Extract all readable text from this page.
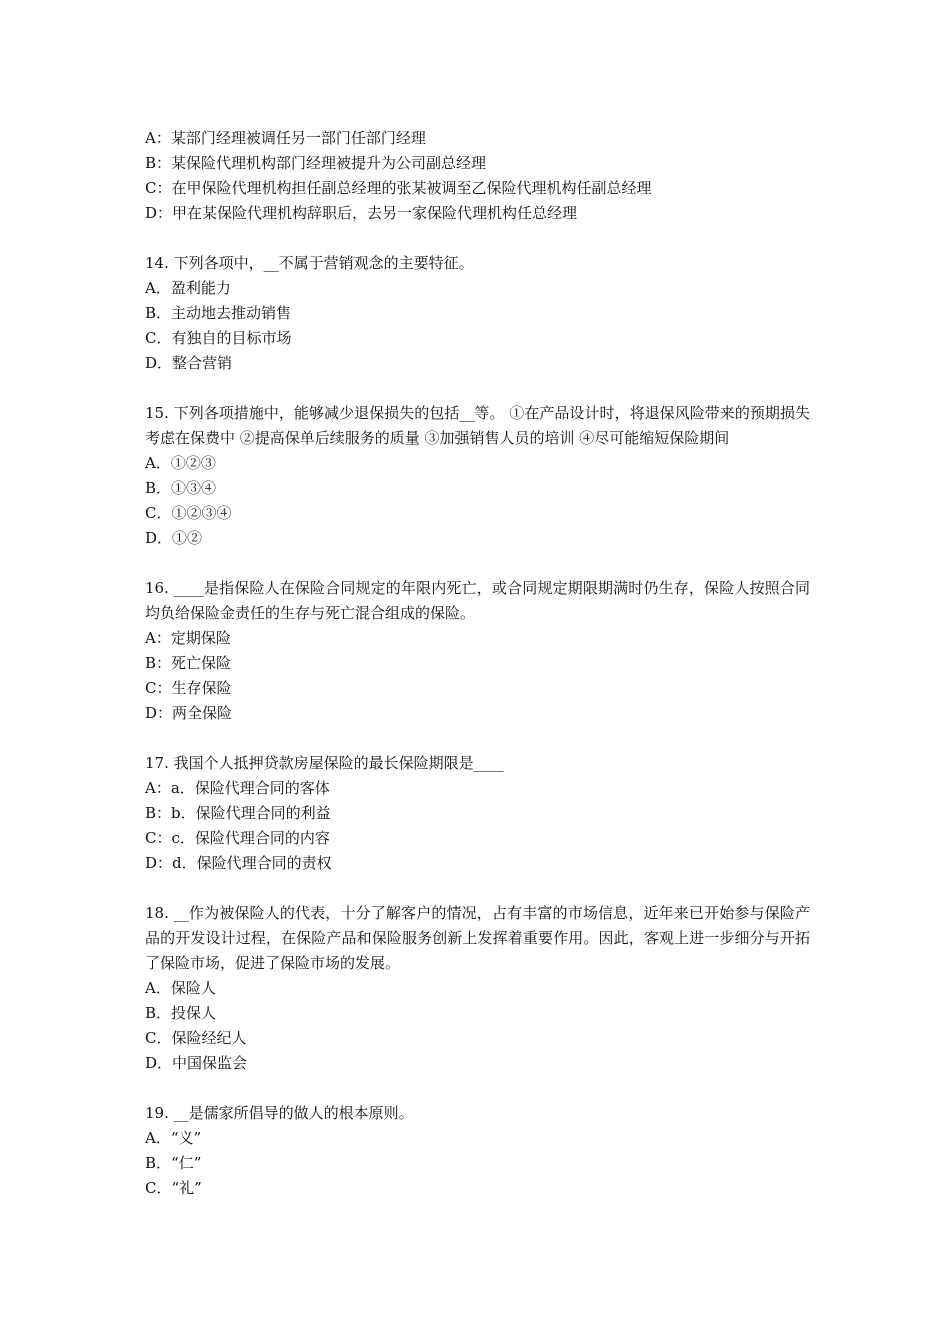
A：某部门经理被调任另一部门任部门经理

B：某保险代理机构部门经理被提升为公司副总经理

C：在甲保险代理机构担任副总经理的张某被调至乙保险代理机构任副总经理

D：甲在某保险代理机构辞职后，去另一家保险代理机构任总经理

14. 下列各项中，__不属于营销观念的主要特征。

A．盈利能力

B．主动地去推动销售

C．有独自的目标市场

D．整合营销

15. 下列各项措施中，能够减少退保损失的包括__等。 ①在产品设计时，将退保风险带来的预期损失考虑在保费中 ②提高保单后续服务的质量 ③加强销售人员的培训 ④尽可能缩短保险期间

A．①②③

B．①③④

C．①②③④

D．①②

16. ____是指保险人在保险合同规定的年限内死亡，或合同规定期限期满时仍生存，保险人按照合同均负给保险金责任的生存与死亡混合组成的保险。

A：定期保险

B：死亡保险

C：生存保险

D：两全保险

17. 我国个人抵押贷款房屋保险的最长保险期限是____

A：a．保险代理合同的客体

B：b．保险代理合同的利益

C：c．保险代理合同的内容

D：d．保险代理合同的责权

18. __作为被保险人的代表，十分了解客户的情况，占有丰富的市场信息，近年来已开始参与保险产品的开发设计过程，在保险产品和保险服务创新上发挥着重要作用。因此，客观上进一步细分与开拓了保险市场，促进了保险市场的发展。

A．保险人

B．投保人

C．保险经纪人

D．中国保监会

19. __是儒家所倡导的做人的根本原则。

A．“义”

B．“仁”

C．“礼”
